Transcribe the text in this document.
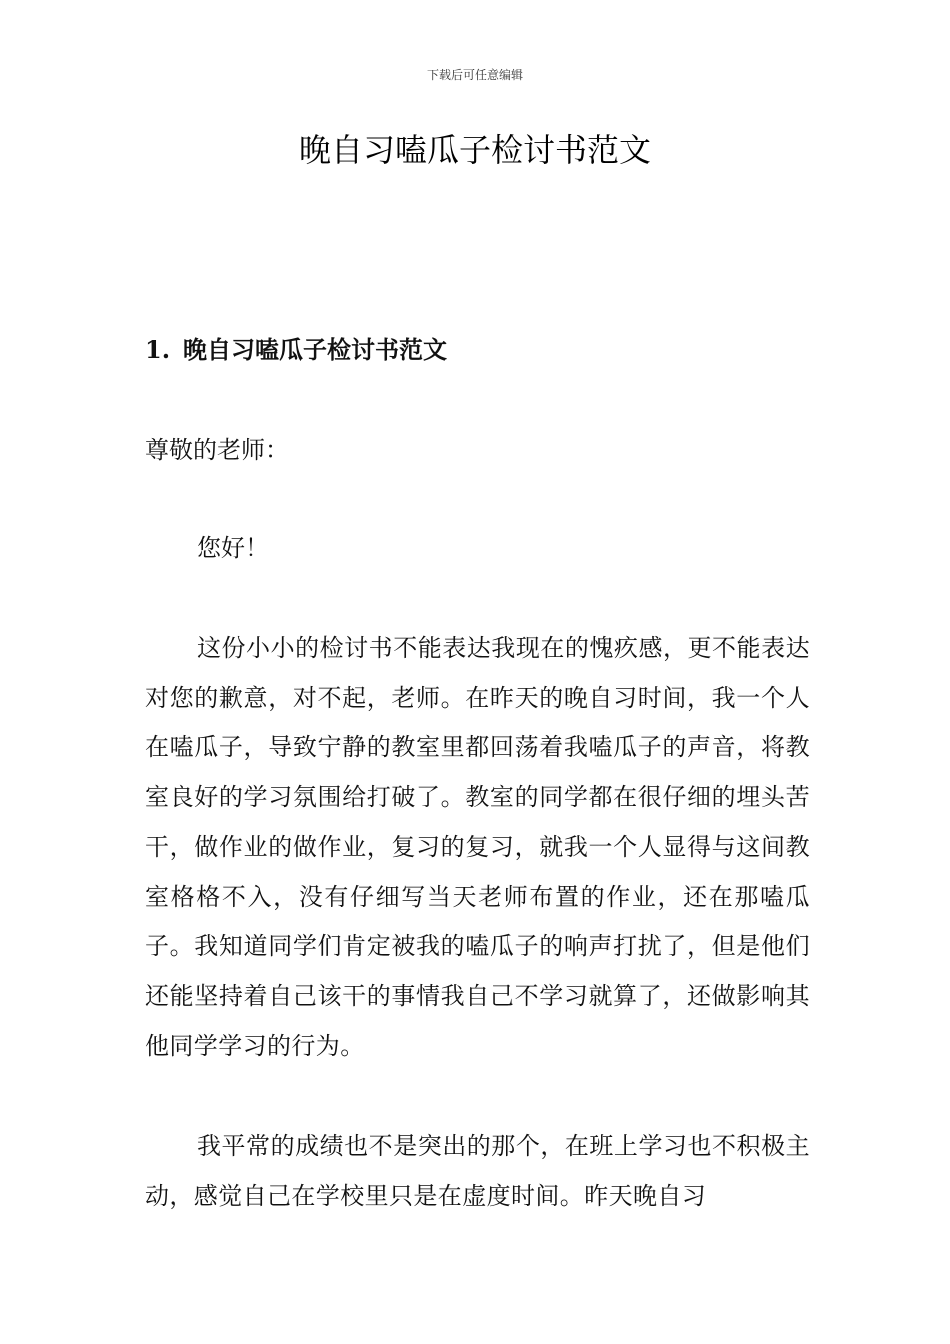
下载后可任意编辑
晚自习嗑瓜子检讨书范文
1. 晚自习嗑瓜子检讨书范文

尊敬的老师：

您好！

这份小小的检讨书不能表达我现在的愧疚感，更不能表达对您的歉意，对不起，老师。在昨天的晚自习时间，我一个人在嗑瓜子，导致宁静的教室里都回荡着我嗑瓜子的声音，将教室良好的学习氛围给打破了。教室的同学都在很仔细的埋头苦干，做作业的做作业，复习的复习，就我一个人显得与这间教室格格不入，没有仔细写当天老师布置的作业，还在那嗑瓜子。我知道同学们肯定被我的嗑瓜子的响声打扰了，但是他们还能坚持着自己该干的事情我自己不学习就算了，还做影响其他同学学习的行为。

我平常的成绩也不是突出的那个，在班上学习也不积极主动，感觉自己在学校里只是在虚度时间。昨天晚自习
